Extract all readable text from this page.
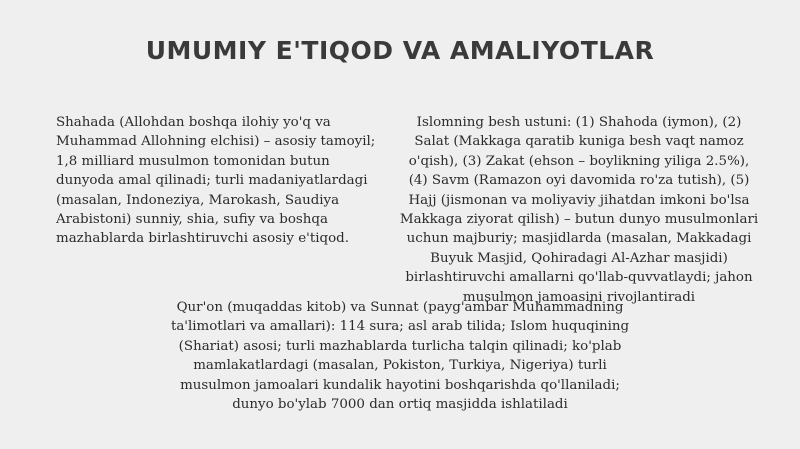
UMUMIY E'TIQOD VA AMALIYOTLAR

Shahada (Allohdan boshqa ilohiy yo'q va Muhammad Allohning elchisi) – asosiy tamoyil; 1,8 milliard musulmon tomonidan butun dunyoda amal qilinadi; turli madaniyatlardagi (masalan, Indoneziya, Marokash, Saudiya Arabistoni) sunniy, shia, sufiy va boshqa mazhablarda birlashtiruvchi asosiy e'tiqod.

Islomning besh ustuni: (1) Shahoda (iymon), (2) Salat (Makkaga qaratib kuniga besh vaqt namoz o'qish), (3) Zakat (ehson – boylikning yiliga 2.5%), (4) Savm (Ramazon oyi davomida ro'za tutish), (5) Hajj (jismonan va moliyaviy jihatdan imkoni bo'lsa Makkaga ziyorat qilish) – butun dunyo musulmonlari uchun majburiy; masjidlarda (masalan, Makkadagi Buyuk Masjid, Qohiradagi Al-Azhar masjidi) birlashtiruvchi amallarni qo'llab-quvvatlaydi; jahon musulmon jamoasini rivojlantiradi

Qur'on (muqaddas kitob) va Sunnat (payg'ambar Muhammadning ta'limotlari va amallari): 114 sura; asl arab tilida; Islom huquqining (Shariat) asosi; turli mazhablarda turlicha talqin qilinadi; ko'plab mamlakatlardagi (masalan, Pokiston, Turkiya, Nigeriya) turli musulmon jamoalari kundalik hayotini boshqarishda qo'llaniladi; dunyo bo'ylab 7000 dan ortiq masjidda ishlatiladi
